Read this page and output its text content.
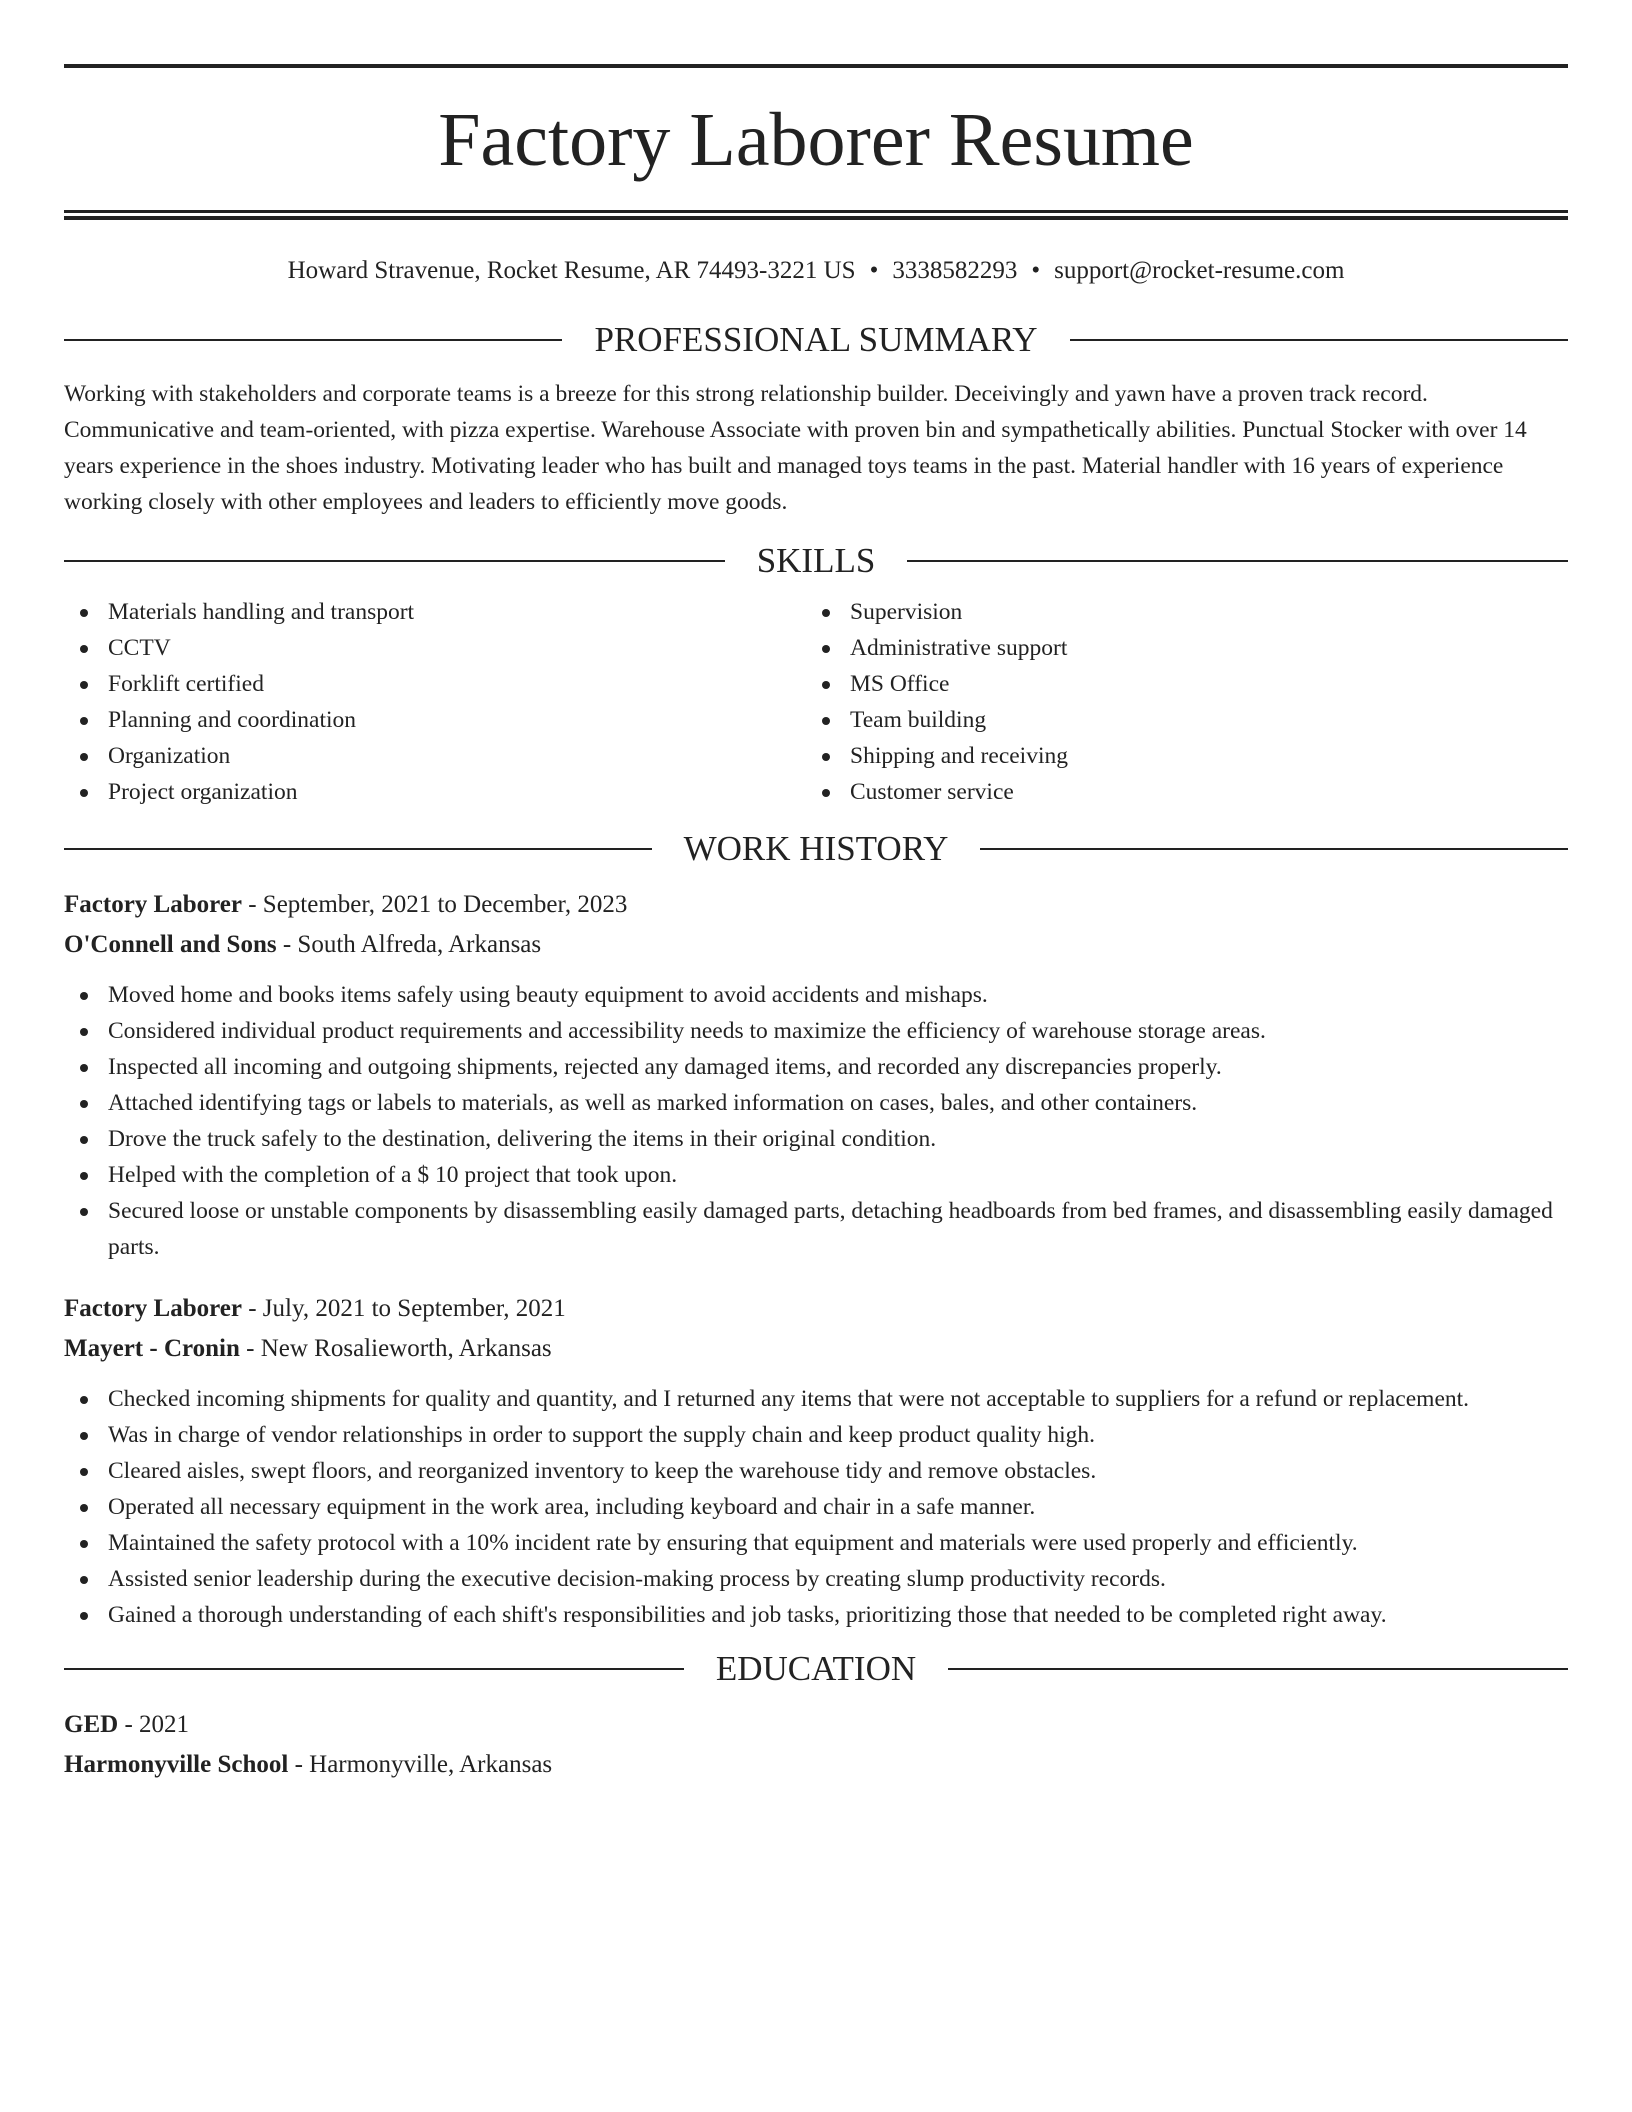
Factory Laborer Resume
Howard Stravenue, Rocket Resume, AR 74493-3221 US • 3338582293 • support@rocket-resume.com
PROFESSIONAL SUMMARY
Working with stakeholders and corporate teams is a breeze for this strong relationship builder. Deceivingly and yawn have a proven track record. Communicative and team-oriented, with pizza expertise. Warehouse Associate with proven bin and sympathetically abilities. Punctual Stocker with over 14 years experience in the shoes industry. Motivating leader who has built and managed toys teams in the past. Material handler with 16 years of experience working closely with other employees and leaders to efficiently move goods.
SKILLS
Materials handling and transport
CCTV
Forklift certified
Planning and coordination
Organization
Project organization
Supervision
Administrative support
MS Office
Team building
Shipping and receiving
Customer service
WORK HISTORY
Factory Laborer - September, 2021 to December, 2023
O'Connell and Sons - South Alfreda, Arkansas
Moved home and books items safely using beauty equipment to avoid accidents and mishaps.
Considered individual product requirements and accessibility needs to maximize the efficiency of warehouse storage areas.
Inspected all incoming and outgoing shipments, rejected any damaged items, and recorded any discrepancies properly.
Attached identifying tags or labels to materials, as well as marked information on cases, bales, and other containers.
Drove the truck safely to the destination, delivering the items in their original condition.
Helped with the completion of a $ 10 project that took upon.
Secured loose or unstable components by disassembling easily damaged parts, detaching headboards from bed frames, and disassembling easily damaged parts.
Factory Laborer - July, 2021 to September, 2021
Mayert - Cronin - New Rosalieworth, Arkansas
Checked incoming shipments for quality and quantity, and I returned any items that were not acceptable to suppliers for a refund or replacement.
Was in charge of vendor relationships in order to support the supply chain and keep product quality high.
Cleared aisles, swept floors, and reorganized inventory to keep the warehouse tidy and remove obstacles.
Operated all necessary equipment in the work area, including keyboard and chair in a safe manner.
Maintained the safety protocol with a 10% incident rate by ensuring that equipment and materials were used properly and efficiently.
Assisted senior leadership during the executive decision-making process by creating slump productivity records.
Gained a thorough understanding of each shift's responsibilities and job tasks, prioritizing those that needed to be completed right away.
EDUCATION
GED - 2021
Harmonyville School - Harmonyville, Arkansas
